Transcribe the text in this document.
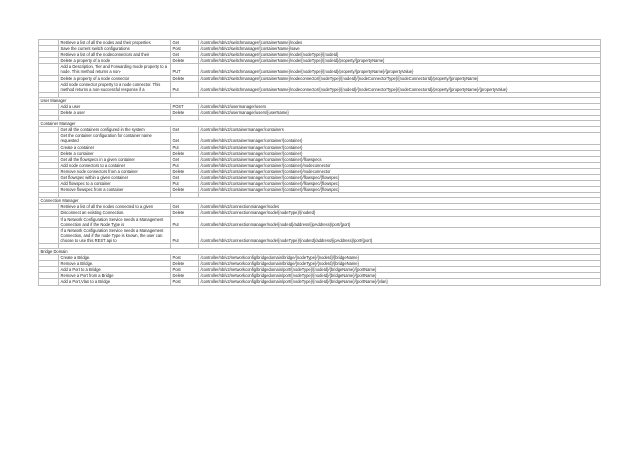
	Retrieve a list of all the nodes and their properties	Get	/controller/nb/v2/switchmanager/{containerName}/nodes
	Save the current switch configurations	Post	/controller/nb/v2/switchmanager/{containerName}/save
	Retrieve a list of all the nodeconnectors and their	Get	/controller/nb/v2/switchmanager/{containerName}/node/{nodeType}/{nodeId}
	Delete a property of a node	Delete	/controller/nb/v2/switchmanager/{containerName}/node/{nodeType}/{nodeId}/property/{propertyName}
	Add a Description, Tier and Forwarding mode property to a node. This method returns a non-	PUT	/controller/nb/v2/switchmanager/{containerName}/node/{nodeType}/{nodeId}/property/{propertyName}/{propertyValue}
	Delete a property of a node connector	Delete	/controller/nb/v2/switchmanager/{containerName}/nodeconnector/{nodeType}/{nodeId}/{nodeConnectorType}/{nodeConnectorId}/property/{propertyName}
	Add node connector property to a node connector. This method returns a non-successful response if a	Put	/controller/nb/v2/switchmanager/{containerName}/nodeconnector/{nodeType}/{nodeId}/{nodeConnectorType}/{nodeConnectorId}/property/{propertyName}/{propertyValue}

User Manager			
	Add a user	POST	/controller/nb/v2/usermanager/users
	Delete a user	Delete	/controller/nb/v2/usermanager/users/{userName}

Container Manager			
	Get all the containers configured in the system	Get	/controller/nb/v2/containermanager/containers
	Get the container configuration for container name requested	Get	/controller/nb/v2/containermanager/container/{container}
	Create a container	Put	/controller/nb/v2/containermanager/container/{container}
	Delete a container	Delete	/controller/nb/v2/containermanager/container/{container}
	Get all the flowspecs in a given container	Get	/controller/nb/v2/containermanager/container/{container}/flowspecs
	Add node connectors to a container	Put	/controller/nb/v2/containermanager/container/{container}/nodeconnector
	Remove node connectors from a container	Delete	/controller/nb/v2/containermanager/container/{container}/nodeconnector
	Get flowspec within a given container	Get	/controller/nb/v2/containermanager/container/{container}/flowspec/{flowspec}
	Add flowspec to a container	Put	/controller/nb/v2/containermanager/container/{container}/flowspec/{flowspec}
	Remove flowspec from a container	Delete	/controller/nb/v2/containermanager/container/{container}/flowspec/{flowspec}

Connection Manager			
	Retrieve a list of all the nodes connected to a given	Get	/controller/nb/v2/connectionmanager/nodes
	Disconnect an existing Connection.	Delete	/controller/nb/v2/connectionmanager/node/{nodeType}/{nodeId}
	If a Network Configuration Service needs a Management Connection and if the Node Type is	Put	/controller/nb/v2/connectionmanager/node/{nodeId}/address/{ipAddress}/port/{port}
	If a Network Configuration Service needs a Management Connection, and if the node Type is known, the user can choose to use this REST api to	Put	/controller/nb/v2/connectionmanager/node/{nodeType}/{nodeId}/address/{ipAddress}/port/{port}

Bridge Domain			
	Create a Bridge.	Post	/controller/nb/v2/networkconfig/bridgedomain/bridge/{nodeType}/{nodeId}/{bridgeName}
	Remove a Bridge.	Delete	/controller/nb/v2/networkconfig/bridgedomain/bridge/{nodeType}/{nodeId}/{bridgeName}
	Add a Port to a Bridge	Post	/controller/nb/v2/networkconfig/bridgedomain/port/{nodeType}/{nodeId}/{bridgeName}/{portName}
	Remove a Port from a Bridge	Delete	/controller/nb/v2/networkconfig/bridgedomain/port/{nodeType}/{nodeId}/{bridgeName}/{portName}
	Add a Port,Vlan to a Bridge	Post	/controller/nb/v2/networkconfig/bridgedomain/port/{nodeType}/{nodeId}/{bridgeName}/{portName}/{vlan}
